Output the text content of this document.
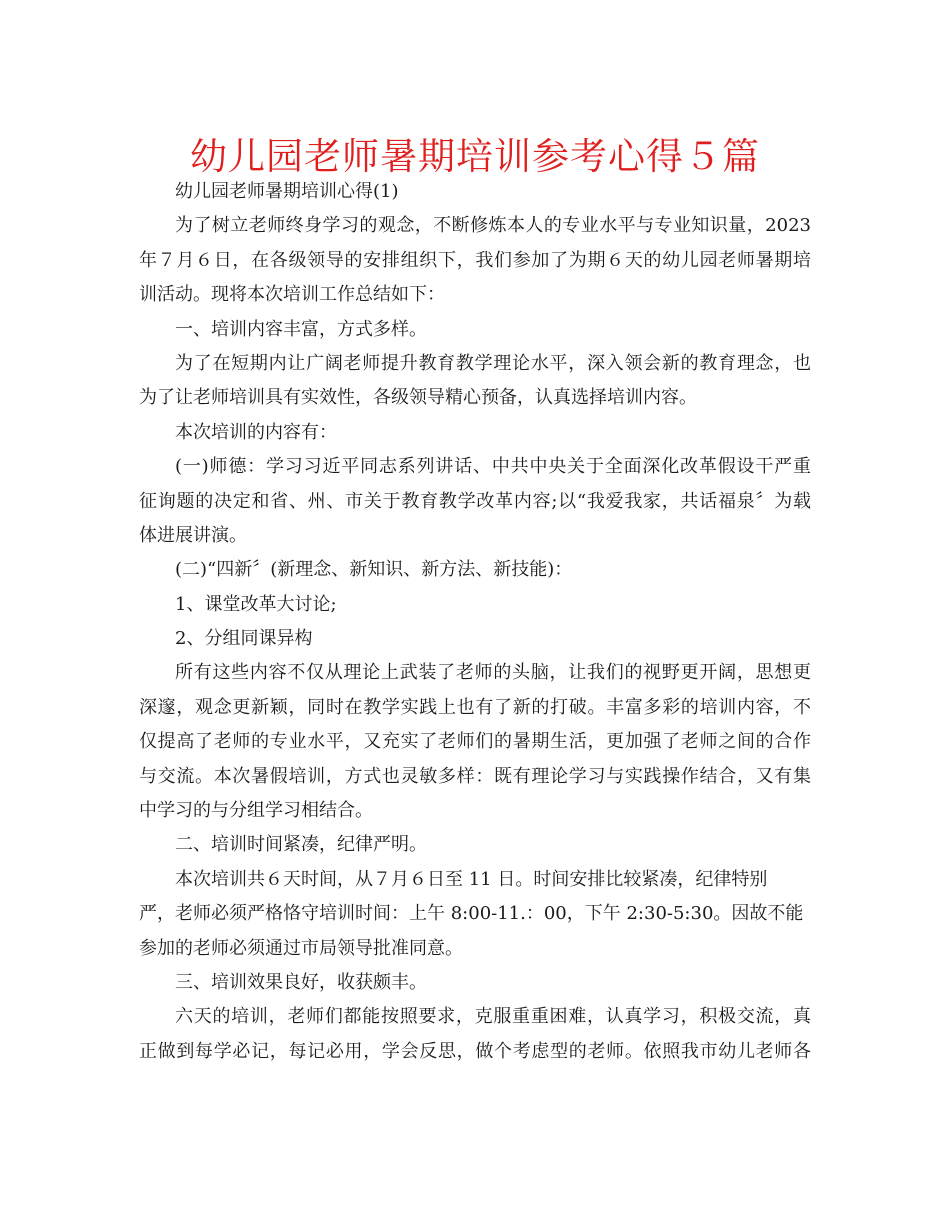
幼儿园老师暑期培训参考心得５篇
幼儿园老师暑期培训心得(1)
为了树立老师终身学习的观念，不断修炼本人的专业水平与专业知识量，2023
年７月６日，在各级领导的安排组织下，我们参加了为期６天的幼儿园老师暑期培
训活动。现将本次培训工作总结如下：
一、培训内容丰富，方式多样。
为了在短期内让广阔老师提升教育教学理论水平，深入领会新的教育理念，也
为了让老师培训具有实效性，各级领导精心预备，认真选择培训内容。
本次培训的内容有：
(一)师德：学习习近平同志系列讲话、中共中央关于全面深化改革假设干严重
征询题的决定和省、州、市关于教育教学改革内容;以“我爱我家，共话福泉〞为载
体进展讲演。
(二)“四新〞(新理念、新知识、新方法、新技能)：
1、课堂改革大讨论;
2、分组同课异构
所有这些内容不仅从理论上武装了老师的头脑，让我们的视野更开阔，思想更
深邃，观念更新颖，同时在教学实践上也有了新的打破。丰富多彩的培训内容，不
仅提高了老师的专业水平，又充实了老师们的暑期生活，更加强了老师之间的合作
与交流。本次暑假培训，方式也灵敏多样：既有理论学习与实践操作结合，又有集
中学习的与分组学习相结合。
二、培训时间紧凑，纪律严明。
本次培训共６天时间，从７月６日至 11 日。时间安排比较紧凑，纪律特别
严，老师必须严格恪守培训时间：上午 8:00-11.：00，下午 2:30-5:30。因故不能
参加的老师必须通过市局领导批准同意。
三、培训效果良好，收获颇丰。
六天的培训，老师们都能按照要求，克服重重困难，认真学习，积极交流，真
正做到每学必记，每记必用，学会反思，做个考虑型的老师。依照我市幼儿老师各
